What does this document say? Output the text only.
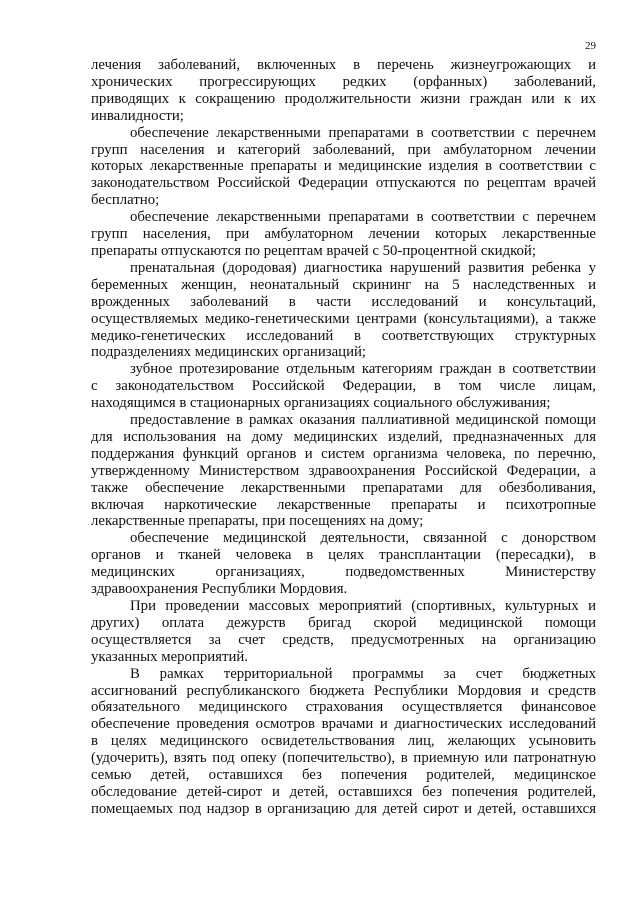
29
лечения заболеваний, включенных в перечень жизнеугрожающих и
хронических прогрессирующих редких (орфанных) заболеваний,
приводящих к сокращению продолжительности жизни граждан или к их
инвалидности;
обеспечение лекарственными препаратами в соответствии с перечнем
групп населения и категорий заболеваний, при амбулаторном лечении
которых лекарственные препараты и медицинские изделия в соответствии с
законодательством Российской Федерации отпускаются по рецептам врачей
бесплатно;
обеспечение лекарственными препаратами в соответствии с перечнем
групп населения, при амбулаторном лечении которых лекарственные
препараты отпускаются по рецептам врачей с 50-процентной скидкой;
пренатальная (дородовая) диагностика нарушений развития ребенка у
беременных женщин, неонатальный скрининг на 5 наследственных и
врожденных заболеваний в части исследований и консультаций,
осуществляемых медико-генетическими центрами (консультациями), а также
медико-генетических исследований в соответствующих структурных
подразделениях медицинских организаций;
зубное протезирование отдельным категориям граждан в соответствии
с законодательством Российской Федерации, в том числе лицам,
находящимся в стационарных организациях социального обслуживания;
предоставление в рамках оказания паллиативной медицинской помощи
для использования на дому медицинских изделий, предназначенных для
поддержания функций органов и систем организма человека, по перечню,
утвержденному Министерством здравоохранения Российской Федерации, а
также обеспечение лекарственными препаратами для обезболивания,
включая наркотические лекарственные препараты и психотропные
лекарственные препараты, при посещениях на дому;
обеспечение медицинской деятельности, связанной с донорством
органов и тканей человека в целях трансплантации (пересадки), в
медицинских организациях, подведомственных Министерству
здравоохранения Республики Мордовия.
При проведении массовых мероприятий (спортивных, культурных и
других) оплата дежурств бригад скорой медицинской помощи
осуществляется за счет средств, предусмотренных на организацию
указанных мероприятий.
В рамках территориальной программы за счет бюджетных
ассигнований республиканского бюджета Республики Мордовия и средств
обязательного медицинского страхования осуществляется финансовое
обеспечение проведения осмотров врачами и диагностических исследований
в целях медицинского освидетельствования лиц, желающих усыновить
(удочерить), взять под опеку (попечительство), в приемную или патронатную
семью детей, оставшихся без попечения родителей, медицинское
обследование детей-сирот и детей, оставшихся без попечения родителей,
помещаемых под надзор в организацию для детей сирот и детей, оставшихся
